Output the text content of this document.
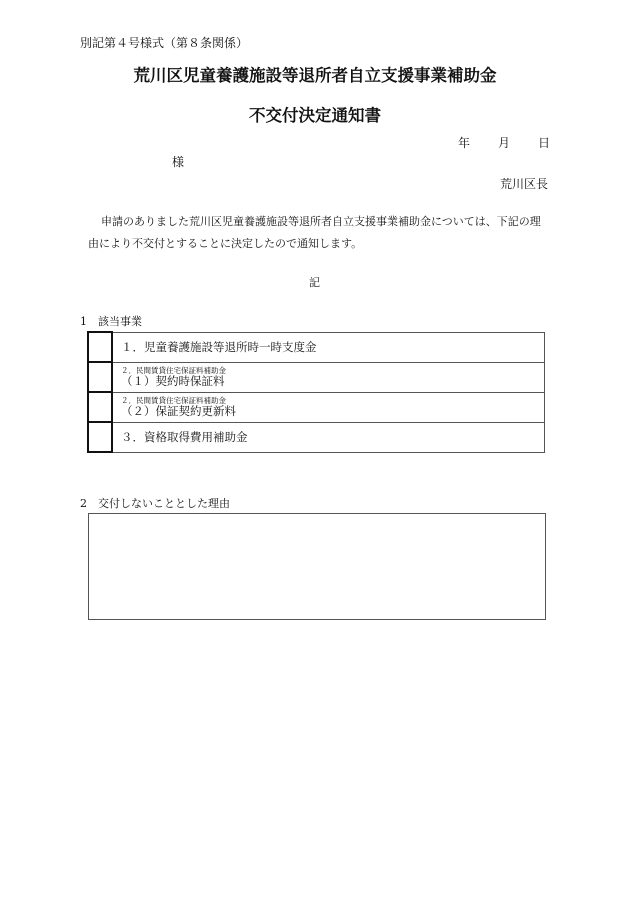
別記第４号様式（第８条関係）
荒川区児童養護施設等退所者自立支援事業補助金
不交付決定通知書
年 月 日
様
荒川区長
申請のありました荒川区児童養護施設等退所者自立支援事業補助金については、下記の理
由により不交付とすることに決定したので通知します。
記
1　該当事業

	１．児童養護施設等退所時一時支度金

	２．民間賃貸住宅保証料補助金
（１）契約時保証料

	２．民間賃貸住宅保証料補助金
（２）保証契約更新料

	３．資格取得費用補助金
2　交付しないこととした理由
